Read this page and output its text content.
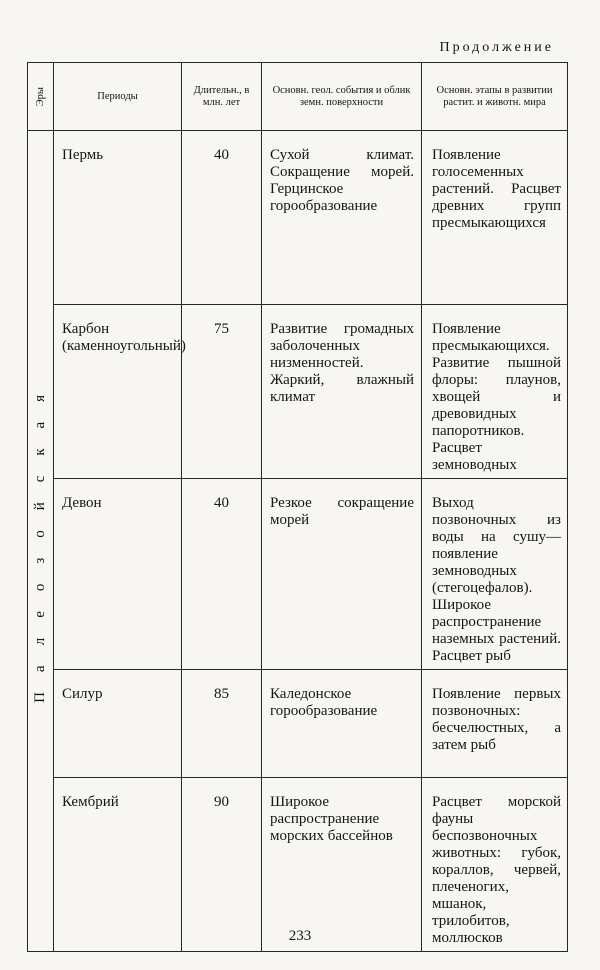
Продолжение
Эры	Периоды	Длительн., в млн. лет	Основн. геол. события и облик земн. поверхности	Основн. этапы в развитии растит. и животн. мира
Палеозойская	Пермь	40	Сухой климат. Сокращение морей. Герцинское горообразование	Появление голосеменных растений. Расцвет древних групп пресмыкающихся
	Карбон (каменноугольный)	75	Развитие громадных заболоченных низменностей. Жаркий, влажный климат	Появление пресмыкающихся. Развитие пышной флоры: плаунов, хвощей и древовидных папоротников. Расцвет земноводных
	Девон	40	Резкое сокращение морей	Выход позвоночных из воды на сушу— появление земноводных (стегоцефалов). Широкое распространение наземных растений. Расцвет рыб
	Силур	85	Каледонское горообразование	Появление первых позвоночных: бесчелюстных, а затем рыб
	Кембрий	90	Широкое распространение морских бассейнов	Расцвет морской фауны беспозвоночных животных: губок, кораллов, червей, плеченогих, мшанок, трилобитов, моллюсков
233
